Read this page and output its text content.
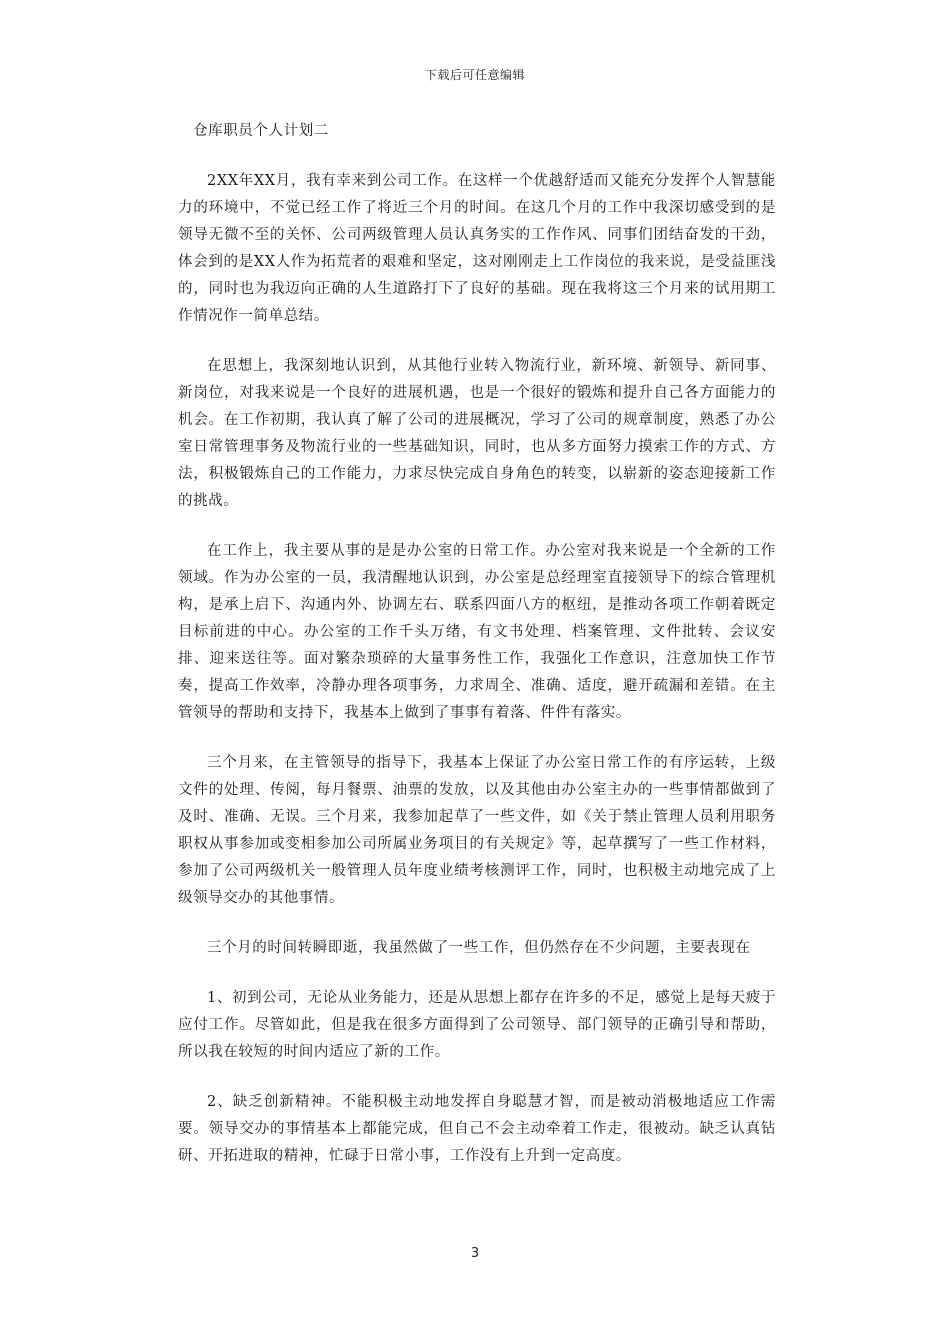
下载后可任意编辑
仓库职员个人计划二

2XX年XX月，我有幸来到公司工作。在这样一个优越舒适而又能充分发挥个人智慧能力的环境中，不觉已经工作了将近三个月的时间。在这几个月的工作中我深切感受到的是领导无微不至的关怀、公司两级管理人员认真务实的工作作风、同事们团结奋发的干劲，体会到的是XX人作为拓荒者的艰难和坚定，这对刚刚走上工作岗位的我来说，是受益匪浅的，同时也为我迈向正确的人生道路打下了良好的基础。现在我将这三个月来的试用期工作情况作一简单总结。

在思想上，我深刻地认识到，从其他行业转入物流行业，新环境、新领导、新同事、新岗位，对我来说是一个良好的进展机遇，也是一个很好的锻炼和提升自己各方面能力的机会。在工作初期，我认真了解了公司的进展概况，学习了公司的规章制度，熟悉了办公室日常管理事务及物流行业的一些基础知识，同时，也从多方面努力摸索工作的方式、方法，积极锻炼自己的工作能力，力求尽快完成自身角色的转变，以崭新的姿态迎接新工作的挑战。

在工作上，我主要从事的是是办公室的日常工作。办公室对我来说是一个全新的工作领域。作为办公室的一员，我清醒地认识到，办公室是总经理室直接领导下的综合管理机构，是承上启下、沟通内外、协调左右、联系四面八方的枢纽，是推动各项工作朝着既定目标前进的中心。办公室的工作千头万绪，有文书处理、档案管理、文件批转、会议安排、迎来送往等。面对繁杂琐碎的大量事务性工作，我强化工作意识，注意加快工作节奏，提高工作效率，冷静办理各项事务，力求周全、准确、适度，避开疏漏和差错。在主管领导的帮助和支持下，我基本上做到了事事有着落、件件有落实。

三个月来，在主管领导的指导下，我基本上保证了办公室日常工作的有序运转，上级文件的处理、传阅，每月餐票、油票的发放，以及其他由办公室主办的一些事情都做到了及时、准确、无误。三个月来，我参加起草了一些文件，如《关于禁止管理人员利用职务职权从事参加或变相参加公司所属业务项目的有关规定》等，起草撰写了一些工作材料，参加了公司两级机关一般管理人员年度业绩考核测评工作，同时，也积极主动地完成了上级领导交办的其他事情。

三个月的时间转瞬即逝，我虽然做了一些工作，但仍然存在不少问题，主要表现在

1、初到公司，无论从业务能力，还是从思想上都存在许多的不足，感觉上是每天疲于应付工作。尽管如此，但是我在很多方面得到了公司领导、部门领导的正确引导和帮助，所以我在较短的时间内适应了新的工作。

2、缺乏创新精神。不能积极主动地发挥自身聪慧才智，而是被动消极地适应工作需要。领导交办的事情基本上都能完成，但自己不会主动牵着工作走，很被动。缺乏认真钻研、开拓进取的精神，忙碌于日常小事，工作没有上升到一定高度。

3
